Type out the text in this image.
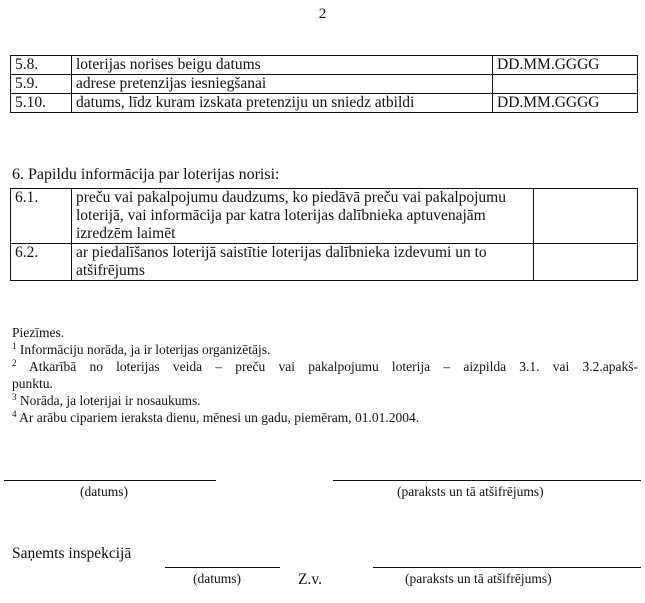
2
5.8.	loterijas norises beigu datums	DD.MM.GGGG
5.9.	adrese pretenzijas iesniegšanai	
5.10.	datums, līdz kuram izskata pretenziju un sniedz atbildi	DD.MM.GGGG
6. Papildu informācija par loterijas norisi:
6.1.	preču vai pakalpojumu daudzums, ko piedāvā preču vai pakalpojumu loterijā, vai informācija par katra loterijas dalībnieka aptuvenajām izredzēm laimēt	
6.2.	ar piedalīšanos loterijā saistītie loterijas dalībnieka izdevumi un to atšifrējums	
Piezīmes.
$^1$ Informāciju norāda, ja ir loterijas organizētājs.
$^2$ Atkarībā no loterijas veida – preču vai pakalpojumu loterija – aizpilda 3.1. vai 3.2.apakš-
punktu.
$^3$ Norāda, ja loterijai ir nosaukums.
$^4$ Ar arābu cipariem ieraksta dienu, mēnesi un gadu, piemēram, 01.01.2004.
(datums)	(paraksts un tā atšifrējums)
Saņemts inspekcijā
(datums)	Z.v.	(paraksts un tā atšifrējums)
